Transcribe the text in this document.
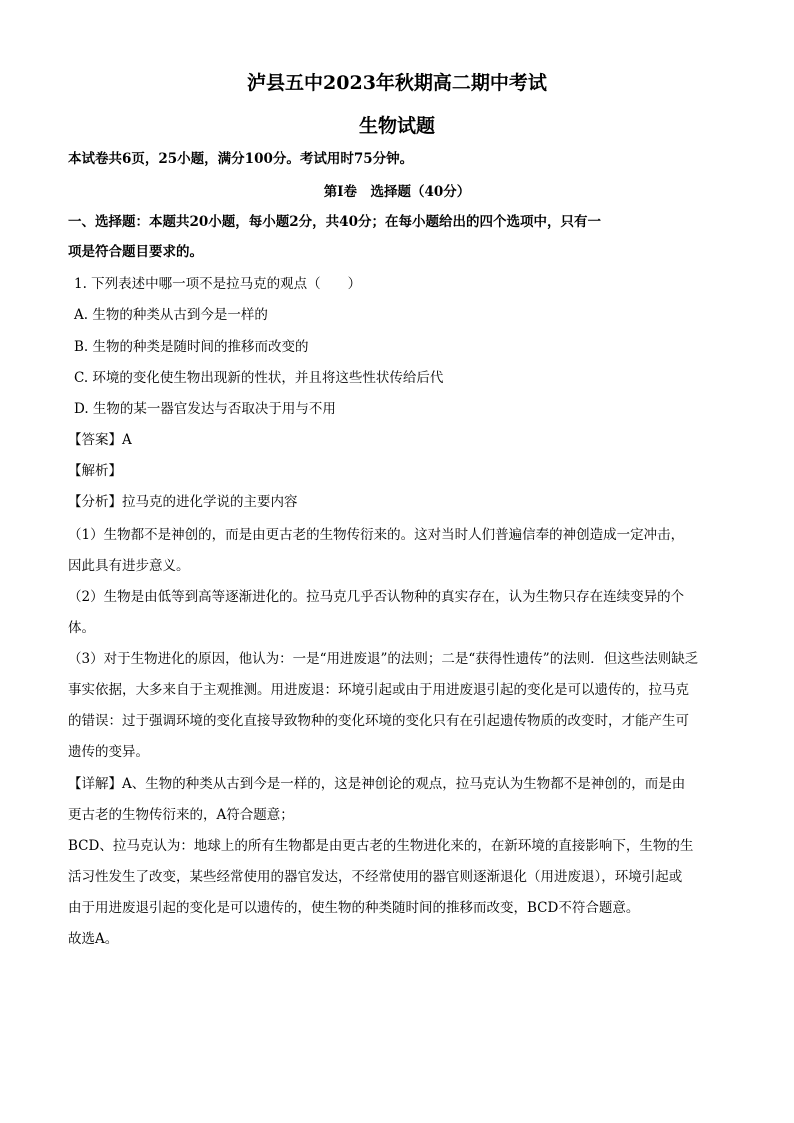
泸县五中2023年秋期高二期中考试
生物试题
本试卷共6页，25小题，满分100分。考试用时75分钟。
第Ⅰ卷　选择题（40分）
一、选择题：本题共20小题，每小题2分，共40分；在每小题给出的四个选项中，只有一
项是符合题目要求的。
1. 下列表述中哪一项不是拉马克的观点（　　）
A. 生物的种类从古到今是一样的
B. 生物的种类是随时间的推移而改变的
C. 环境的变化使生物出现新的性状，并且将这些性状传给后代
D. 生物的某一器官发达与否取决于用与不用
【答案】A
【解析】
【分析】拉马克的进化学说的主要内容
（1）生物都不是神创的，而是由更古老的生物传衍来的。这对当时人们普遍信奉的神创造成一定冲击，
因此具有进步意义。
（2）生物是由低等到高等逐渐进化的。拉马克几乎否认物种的真实存在，认为生物只存在连续变异的个
体。
（3）对于生物进化的原因，他认为：一是“用进废退”的法则；二是“获得性遗传”的法则．但这些法则缺乏
事实依据，大多来自于主观推测。用进废退：环境引起或由于用进废退引起的变化是可以遗传的，拉马克
的错误：过于强调环境的变化直接导致物种的变化环境的变化只有在引起遗传物质的改变时，才能产生可
遗传的变异。
【详解】A、生物的种类从古到今是一样的，这是神创论的观点，拉马克认为生物都不是神创的，而是由
更古老的生物传衍来的，A符合题意；
BCD、拉马克认为：地球上的所有生物都是由更古老的生物进化来的，在新环境的直接影响下，生物的生
活习性发生了改变，某些经常使用的器官发达，不经常使用的器官则逐渐退化（用进废退），环境引起或
由于用进废退引起的变化是可以遗传的，使生物的种类随时间的推移而改变，BCD不符合题意。
故选A。
